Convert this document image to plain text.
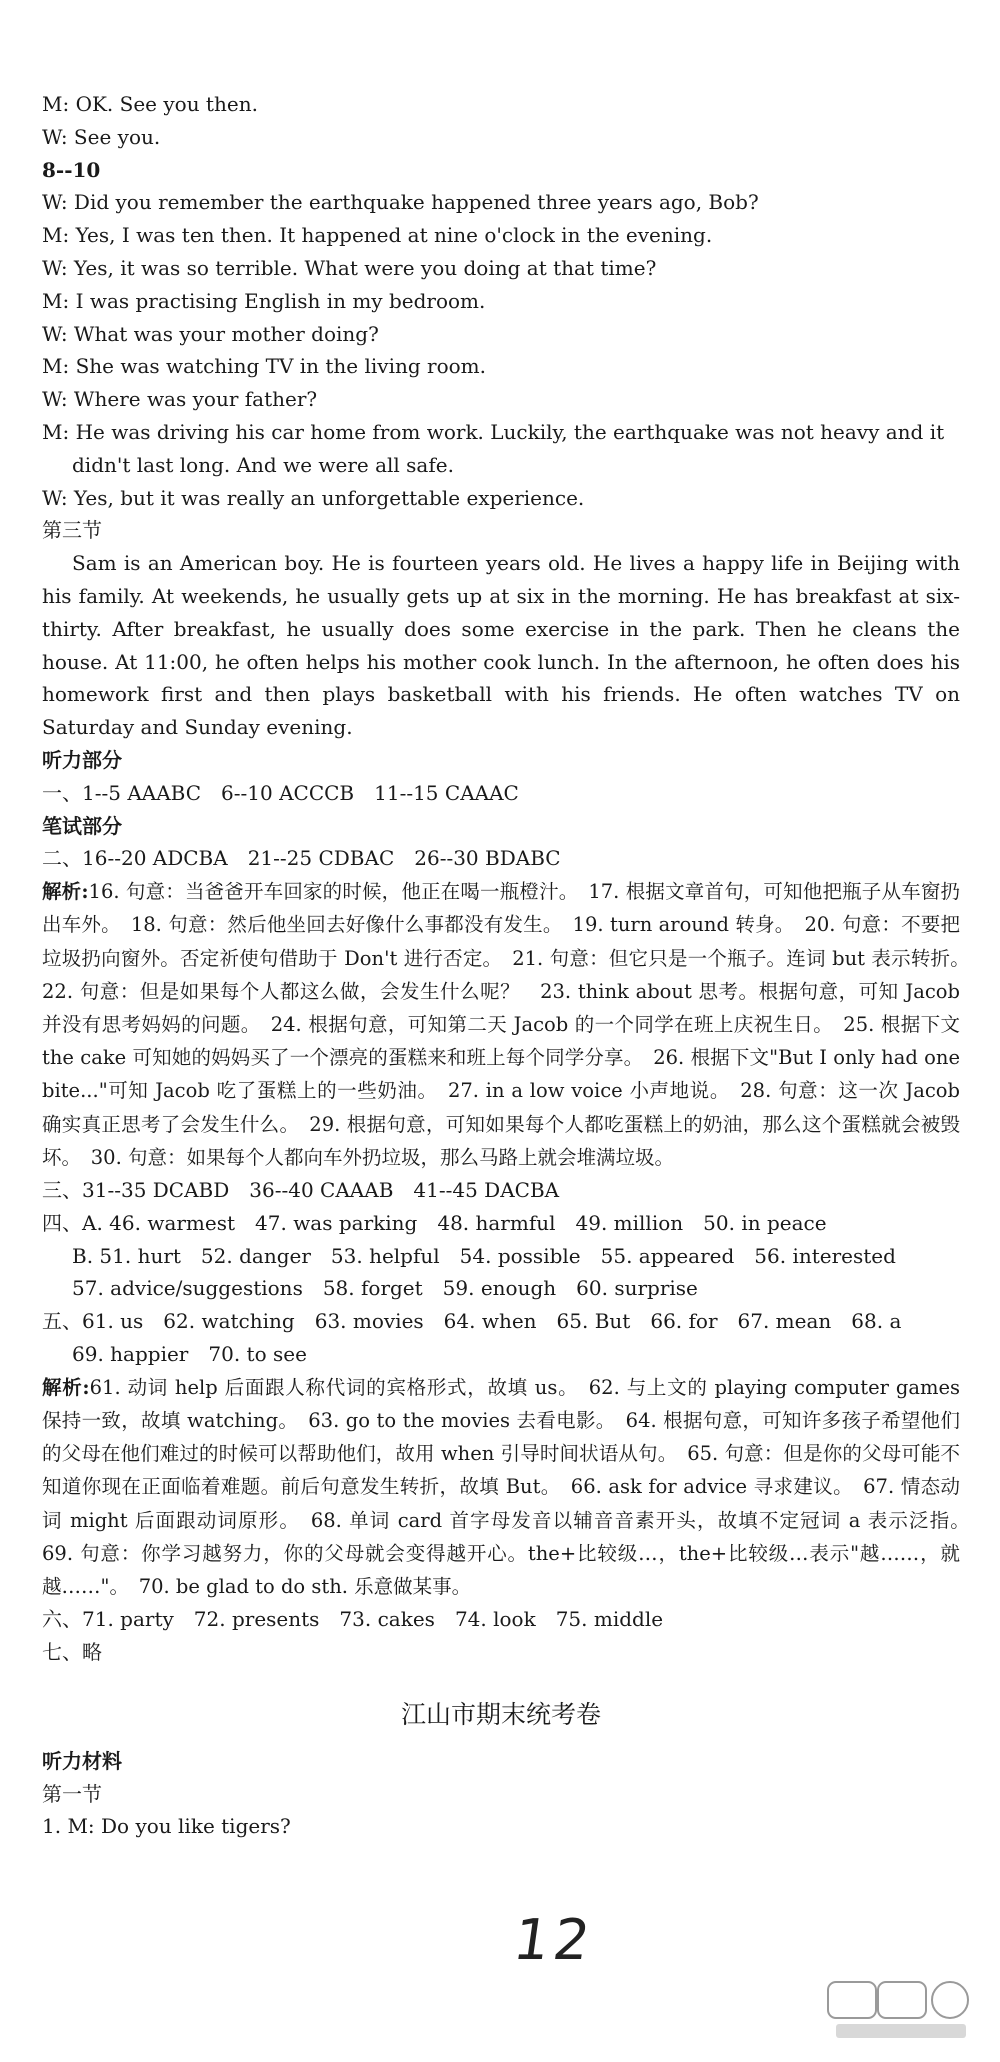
M: OK. See you then.
W: See you.
8--10
W: Did you remember the earthquake happened three years ago, Bob?
M: Yes, I was ten then. It happened at nine o'clock in the evening.
W: Yes, it was so terrible. What were you doing at that time?
M: I was practising English in my bedroom.
W: What was your mother doing?
M: She was watching TV in the living room.
W: Where was your father?
M: He was driving his car home from work. Luckily, the earthquake was not heavy and it
didn't last long. And we were all safe.
W: Yes, but it was really an unforgettable experience.
第三节
Sam is an American boy. He is fourteen years old. He lives a happy life in Beijing with his family. At weekends, he usually gets up at six in the morning. He has breakfast at six-thirty. After breakfast, he usually does some exercise in the park. Then he cleans the house. At 11:00, he often helps his mother cook lunch. In the afternoon, he often does his homework first and then plays basketball with his friends. He often watches TV on Saturday and Sunday evening.
听力部分
一、1--5 AAABC　6--10 ACCCB　11--15 CAAAC
笔试部分
二、16--20 ADCBA　21--25 CDBAC　26--30 BDABC
解析:16. 句意：当爸爸开车回家的时候，他正在喝一瓶橙汁。　17. 根据文章首句，可知他把瓶子从车窗扔出车外。　18. 句意：然后他坐回去好像什么事都没有发生。　19. turn around 转身。　20. 句意：不要把垃圾扔向窗外。否定祈使句借助于 Don't 进行否定。　21. 句意：但它只是一个瓶子。连词 but 表示转折。　22. 句意：但是如果每个人都这么做，会发生什么呢？　23. think about 思考。根据句意，可知 Jacob 并没有思考妈妈的问题。　24. 根据句意，可知第二天 Jacob 的一个同学在班上庆祝生日。　25. 根据下文 the cake 可知她的妈妈买了一个漂亮的蛋糕来和班上每个同学分享。　26. 根据下文"But I only had one bite..."可知 Jacob 吃了蛋糕上的一些奶油。　27. in a low voice 小声地说。　28. 句意：这一次 Jacob 确实真正思考了会发生什么。　29. 根据句意，可知如果每个人都吃蛋糕上的奶油，那么这个蛋糕就会被毁坏。　30. 句意：如果每个人都向车外扔垃圾，那么马路上就会堆满垃圾。
三、31--35 DCABD　36--40 CAAAB　41--45 DACBA
四、A. 46. warmest　47. was parking　48. harmful　49. million　50. in peace
B. 51. hurt　52. danger　53. helpful　54. possible　55. appeared　56. interested
57. advice/suggestions　58. forget　59. enough　60. surprise
五、61. us　62. watching　63. movies　64. when　65. But　66. for　67. mean　68. a
69. happier　70. to see
解析:61. 动词 help 后面跟人称代词的宾格形式，故填 us。　62. 与上文的 playing computer games 保持一致，故填 watching。　63. go to the movies 去看电影。　64. 根据句意，可知许多孩子希望他们的父母在他们难过的时候可以帮助他们，故用 when 引导时间状语从句。　65. 句意：但是你的父母可能不知道你现在正面临着难题。前后句意发生转折，故填 But。　66. ask for advice 寻求建议。　67. 情态动词 might 后面跟动词原形。　68. 单词 card 首字母发音以辅音音素开头，故填不定冠词 a 表示泛指。　69. 句意：你学习越努力，你的父母就会变得越开心。the+比较级…，the+比较级…表示"越……，就越……"。　70. be glad to do sth. 乐意做某事。
六、71. party　72. presents　73. cakes　74. look　75. middle
七、略
江山市期末统考卷
听力材料
第一节
1. M: Do you like tigers?
12
